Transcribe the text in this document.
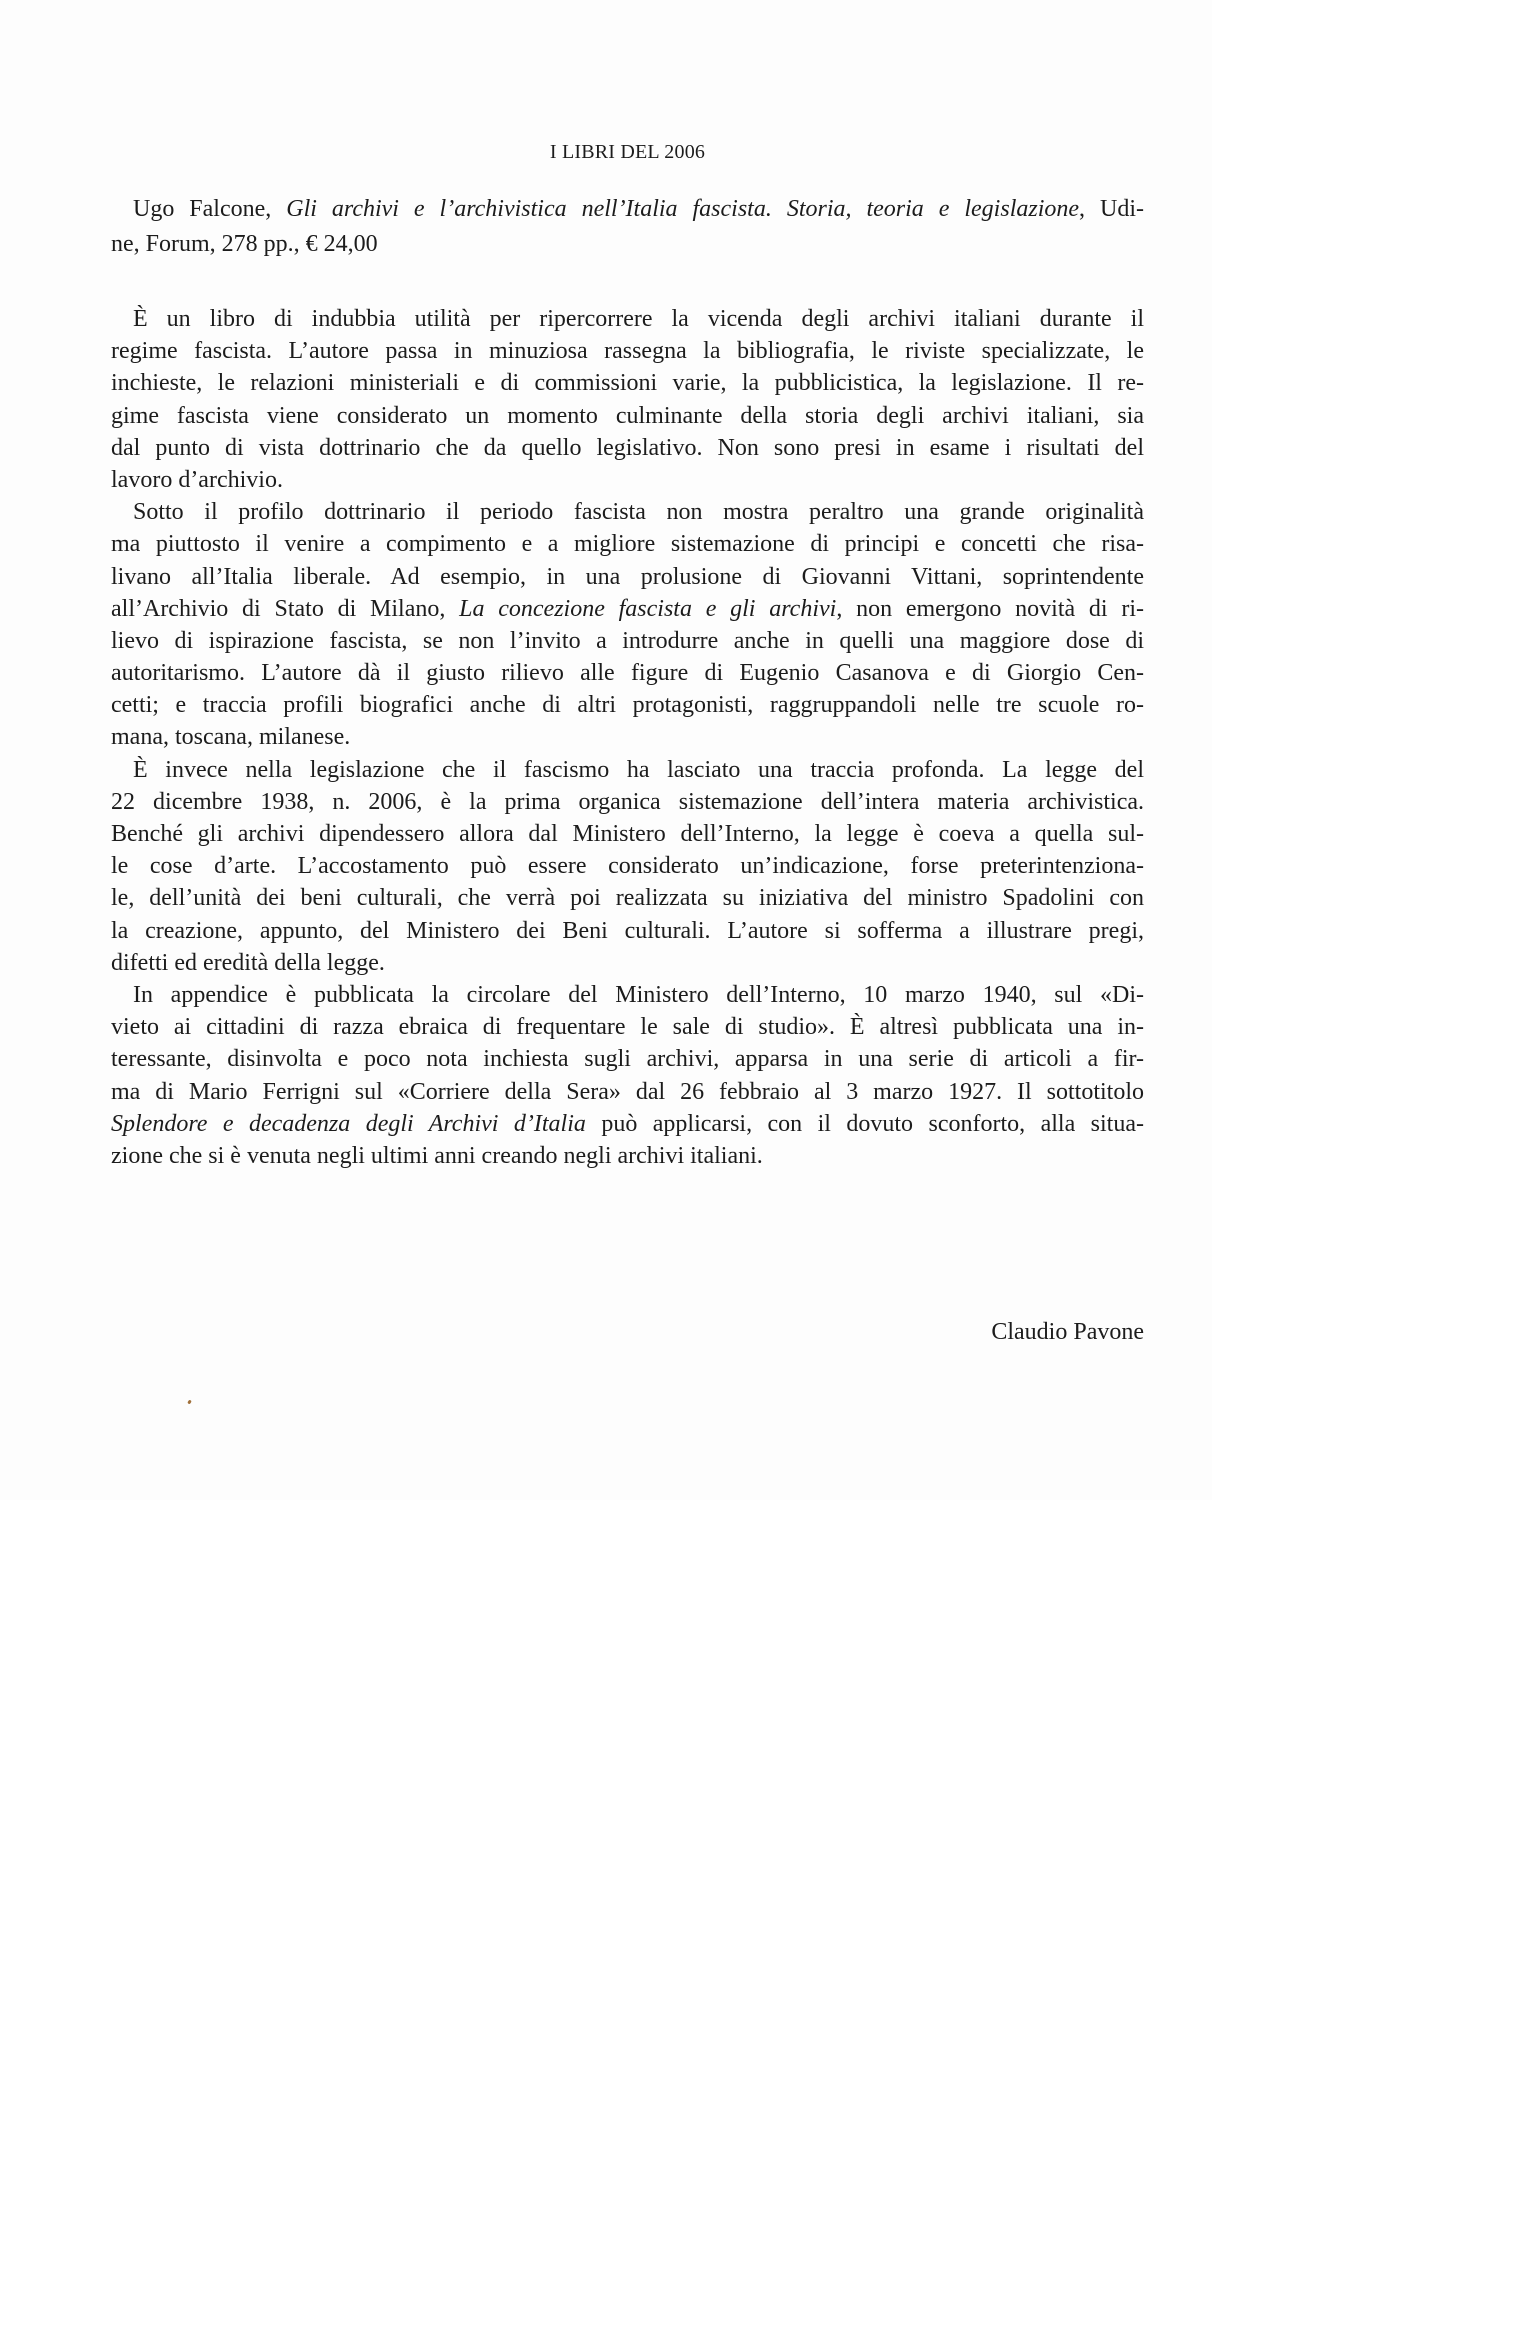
I LIBRI DEL 2006
Ugo Falcone, Gli archivi e l’archivistica nell’Italia fascista. Storia, teoria e legislazione, Udi-
ne, Forum, 278 pp., € 24,00
È un libro di indubbia utilità per ripercorrere la vicenda degli archivi italiani durante il
regime fascista. L’autore passa in minuziosa rassegna la bibliografia, le riviste specializzate, le
inchieste, le relazioni ministeriali e di commissioni varie, la pubblicistica, la legislazione. Il re-
gime fascista viene considerato un momento culminante della storia degli archivi italiani, sia
dal punto di vista dottrinario che da quello legislativo. Non sono presi in esame i risultati del
lavoro d’archivio.
Sotto il profilo dottrinario il periodo fascista non mostra peraltro una grande originalità
ma piuttosto il venire a compimento e a migliore sistemazione di principi e concetti che risa-
livano all’Italia liberale. Ad esempio, in una prolusione di Giovanni Vittani, soprintendente
all’Archivio di Stato di Milano, La concezione fascista e gli archivi, non emergono novità di ri-
lievo di ispirazione fascista, se non l’invito a introdurre anche in quelli una maggiore dose di
autoritarismo. L’autore dà il giusto rilievo alle figure di Eugenio Casanova e di Giorgio Cen-
cetti; e traccia profili biografici anche di altri protagonisti, raggruppandoli nelle tre scuole ro-
mana, toscana, milanese.
È invece nella legislazione che il fascismo ha lasciato una traccia profonda. La legge del
22 dicembre 1938, n. 2006, è la prima organica sistemazione dell’intera materia archivistica.
Benché gli archivi dipendessero allora dal Ministero dell’Interno, la legge è coeva a quella sul-
le cose d’arte. L’accostamento può essere considerato un’indicazione, forse preterintenziona-
le, dell’unità dei beni culturali, che verrà poi realizzata su iniziativa del ministro Spadolini con
la creazione, appunto, del Ministero dei Beni culturali. L’autore si sofferma a illustrare pregi,
difetti ed eredità della legge.
In appendice è pubblicata la circolare del Ministero dell’Interno, 10 marzo 1940, sul «Di-
vieto ai cittadini di razza ebraica di frequentare le sale di studio». È altresì pubblicata una in-
teressante, disinvolta e poco nota inchiesta sugli archivi, apparsa in una serie di articoli a fir-
ma di Mario Ferrigni sul «Corriere della Sera» dal 26 febbraio al 3 marzo 1927. Il sottotitolo
Splendore e decadenza degli Archivi d’Italia può applicarsi, con il dovuto sconforto, alla situa-
zione che si è venuta negli ultimi anni creando negli archivi italiani.
Claudio Pavone
